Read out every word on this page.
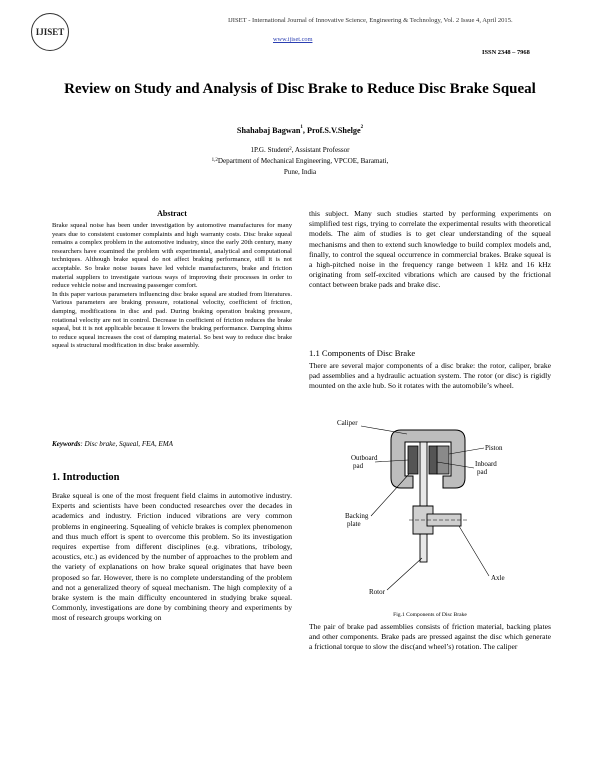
IJISET
IJISET - International Journal of Innovative Science, Engineering & Technology, Vol. 2 Issue 4, April 2015.
www.ijiset.com
ISSN 2348 – 7968
Review on Study and Analysis of Disc Brake to Reduce Disc Brake Squeal
Shahabaj Bagwan$^1$, Prof.S.V.Shelge$^2$
1P.G. Student$^2$, Assistant Professor
$^{1,2}$Department of Mechanical Engineering, VPCOE, Baramati,
Pune, India
Abstract

Brake squeal noise has been under investigation by automotive manufactures for many years due to consistent customer complaints and high warranty costs. Disc brake squeal remains a complex problem in the automotive industry, since the early 20th century, many researchers have examined the problem with experimental, analytical and computational techniques. Although brake squeal do not affect braking performance, still it is not acceptable. So brake noise issues have led vehicle manufacturers, brake and friction material suppliers to investigate various ways of improving their processes in order to reduce vehicle noise and increasing passenger comfort.

In this paper various parameters influencing disc brake squeal are studied from literatures. Various parameters are braking pressure, rotational velocity, coefficient of friction, damping, modifications in disc and pad. During braking operation braking pressure, rotational velocity are not in control. Decrease in coefficient of friction reduces the brake squeal, but it is not applicable because it lowers the braking performance. Damping shims to reduce squeal increases the cost of damping material. So best way to reduce disc brake squeal is structural modification in disc brake assembly.

Keywords: Disc brake, Squeal, FEA, EMA
1. Introduction
Brake squeal is one of the most frequent field claims in automotive industry. Experts and scientists have been conducted researches over the decades in academics and industry. Friction induced vibrations are very common problems in engineering. Squealing of vehicle brakes is complex phenomenon and thus much effort is spent to overcome this problem. So its investigation requires expertise from different disciplines (e.g. vibrations, tribology, acoustics, etc.) as evidenced by the number of approaches to the problem and the variety of explanations on how brake squeal originates that have been proposed so far. However, there is no complete understanding of the problem and not a generalized theory of squeal mechanism. The high complexity of a brake system is the main difficulty encountered in studying brake squeal. Commonly, investigations are done by combining theory and experiments by most of research groups working on
this subject. Many such studies started by performing experiments on simplified test rigs, trying to correlate the experimental results with theoretical models. The aim of studies is to get clear understanding of the squeal mechanisms and then to extend such knowledge to build complex models and, finally, to control the squeal occurrence in commercial brakes. Brake squeal is a high-pitched noise in the frequency range between 1 kHz and 16 kHz originating from self-excited vibrations which are caused by the frictional contact between brake pads and brake disc.
1.1 Components of Disc Brake
There are several major components of a disc brake: the rotor, caliper, brake pad assemblies and a hydraulic actuation system. The rotor (or disc) is rigidly mounted on the axle hub. So it rotates with the automobile’s wheel.
Caliper
Piston
Outboard
pad	Inboard
pad
Backing
plate
Axle
Rotor
Fig.1 Components of Disc Brake
The pair of brake pad assemblies consists of friction material, backing plates and other components. Brake pads are pressed against the disc which generate a frictional torque to slow the disc(and wheel’s) rotation. The caliper
